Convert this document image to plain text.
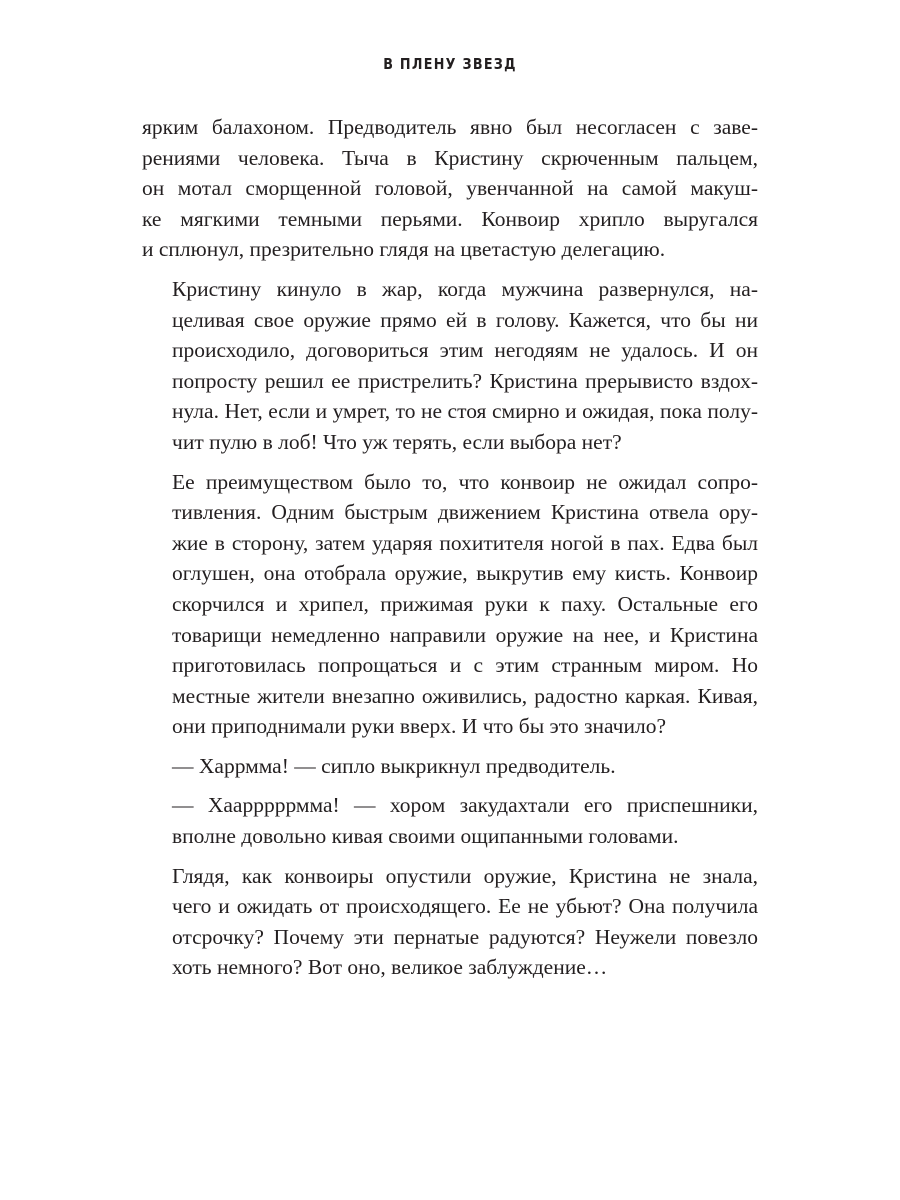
В ПЛЕНУ ЗВЕЗД

ярким балахоном. Предводитель явно был несогласен с заве-
рениями человека. Тыча в Кристину скрюченным пальцем,
он мотал сморщенной головой, увенчанной на самой макуш-
ке мягкими темными перьями. Конвоир хрипло выругался
и сплюнул, презрительно глядя на цветастую делегацию.

Кристину кинуло в жар, когда мужчина развернулся, на-
целивая свое оружие прямо ей в голову. Кажется, что бы ни
происходило, договориться этим негодяям не удалось. И он
попросту решил ее пристрелить? Кристина прерывисто вздох-
нула. Нет, если и умрет, то не стоя смирно и ожидая, пока полу-
чит пулю в лоб! Что уж терять, если выбора нет?

Ее преимуществом было то, что конвоир не ожидал сопро-
тивления. Одним быстрым движением Кристина отвела ору-
жие в сторону, затем ударяя похитителя ногой в пах. Едва был
оглушен, она отобрала оружие, выкрутив ему кисть. Конвоир
скорчился и хрипел, прижимая руки к паху. Остальные его
товарищи немедленно направили оружие на нее, и Кристина
приготовилась попрощаться и с этим странным миром. Но
местные жители внезапно оживились, радостно каркая. Кивая,
они приподнимали руки вверх. И что бы это значило?

— Харрмма! — сипло выкрикнул предводитель.

— Хаарррррмма! — хором закудахтали его приспешники,
вполне довольно кивая своими ощипанными головами.

Глядя, как конвоиры опустили оружие, Кристина не знала,
чего и ожидать от происходящего. Ее не убьют? Она получила
отсрочку? Почему эти пернатые радуются? Неужели повезло
хоть немного? Вот оно, великое заблуждение…
